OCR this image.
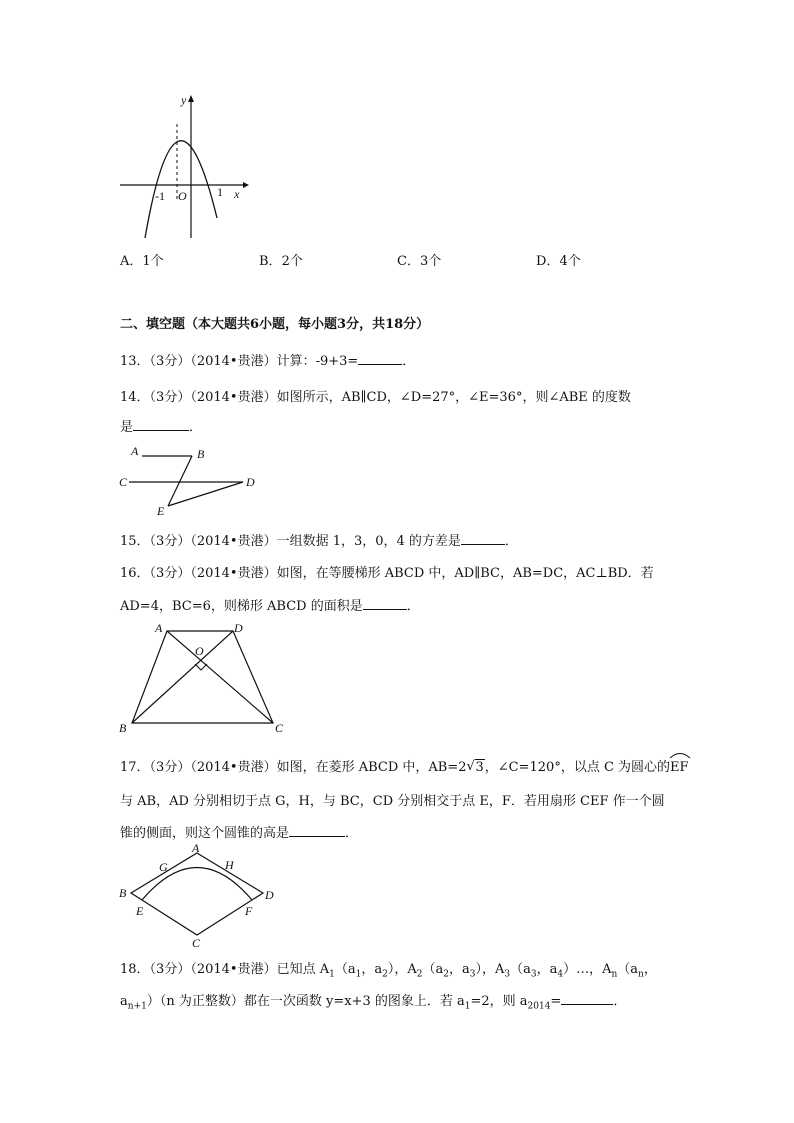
y
x
O
-1	1
A．1个	B．2个	C．3个	D．4个
二、填空题（本大题共6小题，每小题3分，共18分）
13．（3分）（2014•贵港）计算：-9+3=	．
14．（3分）（2014•贵港）如图所示，AB∥CD，∠D=27°，∠E=36°，则∠ABE 的度数
是	．
A	B
C	D
E
15．（3分）（2014•贵港）一组数据 1，3，0，4 的方差是	．
16．（3分）（2014•贵港）如图，在等腰梯形 ABCD 中，AD∥BC，AB=DC，AC⊥BD．若
AD=4，BC=6，则梯形 ABCD 的面积是	．
A	D
O
B	C
17．（3分）（2014•贵港）如图，在菱形 ABCD 中，AB=2 √ 3，∠C=120°，以点 C 为圆心的
EF
与 AB，AD 分别相切于点 G，H，与 BC，CD 分别相交于点 E，F．若用扇形 CEF 作一个圆
锥的侧面，则这个圆锥的高是	．
A
G	H
B	D
E	F
C
18．（3分）（2014•贵港）已知点 $A_1(a_1$，$a_2$），$A_2(a_2$，$a_3$），$A_3(a_3$，$a_4)\dots$，$A_n(a_n$，
$a_{n+1})(n$ 为正整数）都在一次函数 y=x+3 的图象上．若 $a_1=2$，则 $a_{2014}=$	．
